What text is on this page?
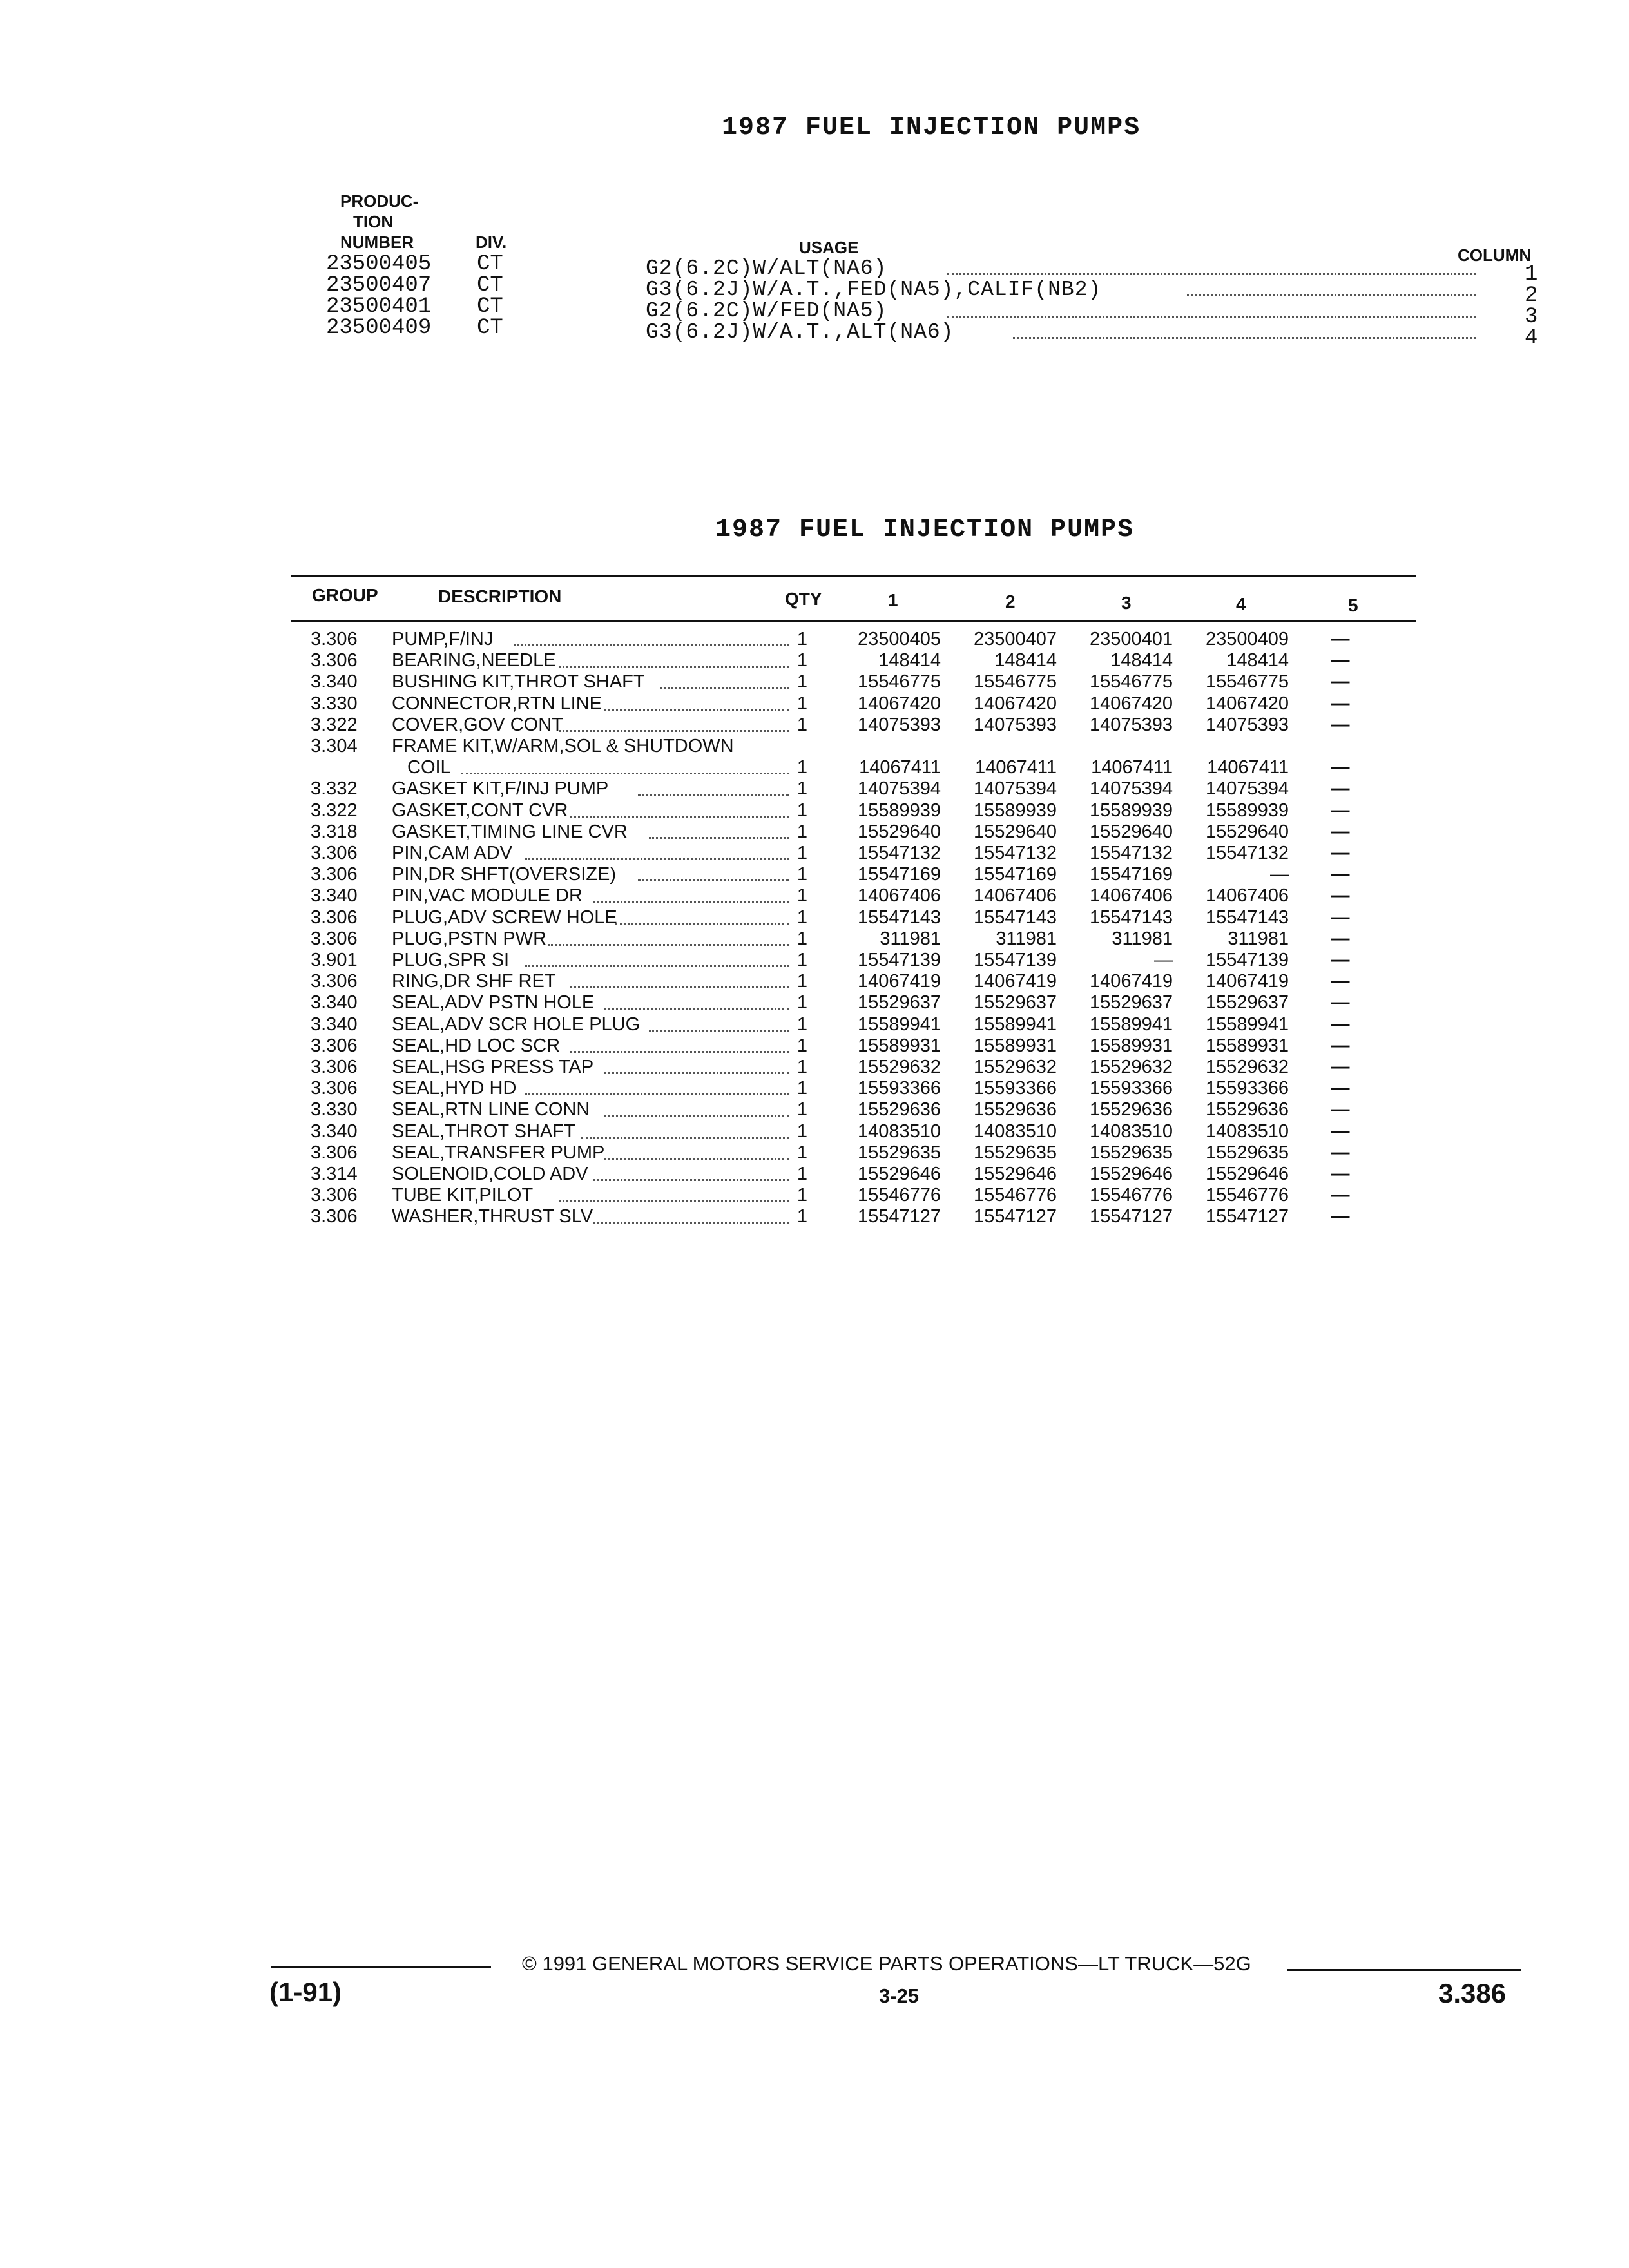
1987 FUEL INJECTION PUMPS
PRODUC-
TION
NUMBER	DIV.	USAGE	COLUMN
23500405 CT	G2(6.2C)W/ALT(NA6)	1
23500407 CT	G3(6.2J)W/A.T.,FED(NA5),CALIF(NB2)	2
23500401 CT	G2(6.2C)W/FED(NA5)	3
23500409 CT	G3(6.2J)W/A.T.,ALT(NA6)	4
1987 FUEL INJECTION PUMPS
GROUP	DESCRIPTION	QTY	1	2	3	4	5
3.306	PUMP,F/INJ	1	23500405	23500407	23500401	23500409 —
3.306	BEARING,NEEDLE	1	148414	148414	148414	148414 —
3.340	BUSHING KIT,THROT SHAFT	1	15546775	15546775	15546775	15546775 —
3.330	CONNECTOR,RTN LINE	1	14067420	14067420	14067420	14067420 —
3.322	COVER,GOV CONT	1	14075393	14075393	14075393	14075393 —
3.304	FRAME KIT,W/ARM,SOL & SHUTDOWN
COIL	1	14067411	14067411	14067411	14067411 —
3.332	GASKET KIT,F/INJ PUMP	1	14075394	14075394	14075394	14075394 —
3.322	GASKET,CONT CVR	1	15589939	15589939	15589939	15589939 —
3.318	GASKET,TIMING LINE CVR	1	15529640	15529640	15529640	15529640 —
3.306	PIN,CAM ADV	1	15547132	15547132	15547132	15547132 —
3.306	PIN,DR SHFT(OVERSIZE)	1	15547169	15547169	15547169	— —
3.340	PIN,VAC MODULE DR	1	14067406	14067406	14067406	14067406 —
3.306	PLUG,ADV SCREW HOLE	1	15547143	15547143	15547143	15547143 —
3.306	PLUG,PSTN PWR	1	311981	311981	311981	311981 —
3.901	PLUG,SPR SI	1	15547139	15547139	—	15547139 —
3.306	RING,DR SHF RET	1	14067419	14067419	14067419	14067419 —
3.340	SEAL,ADV PSTN HOLE	1	15529637	15529637	15529637	15529637 —
3.340	SEAL,ADV SCR HOLE PLUG	1	15589941	15589941	15589941	15589941 —
3.306	SEAL,HD LOC SCR	1	15589931	15589931	15589931	15589931 —
3.306	SEAL,HSG PRESS TAP	1	15529632	15529632	15529632	15529632 —
3.306	SEAL,HYD HD	1	15593366	15593366	15593366	15593366 —
3.330	SEAL,RTN LINE CONN	1	15529636	15529636	15529636	15529636 —
3.340	SEAL,THROT SHAFT	1	14083510	14083510	14083510	14083510 —
3.306	SEAL,TRANSFER PUMP	1	15529635	15529635	15529635	15529635 —
3.314	SOLENOID,COLD ADV	1	15529646	15529646	15529646	15529646 —
3.306	TUBE KIT,PILOT	1	15546776	15546776	15546776	15546776 —
3.306	WASHER,THRUST SLV	1	15547127	15547127	15547127	15547127 —
© 1991 GENERAL MOTORS SERVICE PARTS OPERATIONS—LT TRUCK—52G
(1-91)	3-25	3.386
